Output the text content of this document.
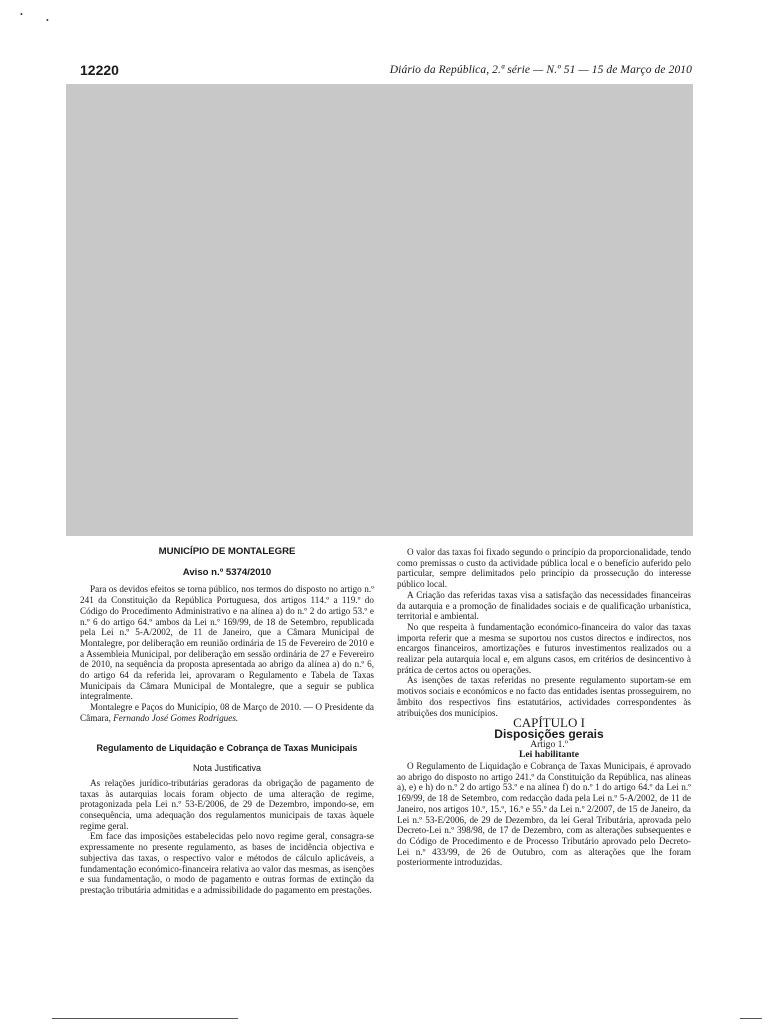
•
•
12220	Diário da República, 2.ª série — N.º 51 — 15 de Março de 2010

MUNICÍPIO DE MONTALEGRE

Aviso n.º 5374/2010

Para os devidos efeitos se torna público, nos termos do disposto no artigo n.º 241 da Constituição da República Portuguesa, dos artigos 114.º a 119.º do Código do Procedimento Administrativo e na alínea a) do n.º 2 do artigo 53.º e n.º 6 do artigo 64.º ambos da Lei n.º 169/99, de 18 de Setembro, republicada pela Lei n.º 5-A/2002, de 11 de Janeiro, que a Câmara Municipal de Montalegre, por deliberação em reunião ordinária de 15 de Fevereiro de 2010 e a Assembleia Municipal, por deliberação em sessão ordinária de 27 e Fevereiro de 2010, na sequência da proposta apresentada ao abrigo da alínea a) do n.º 6, do artigo 64 da referida lei, aprovaram o Regulamento e Tabela de Taxas Municipais da Câmara Municipal de Montalegre, que a seguir se publica integralmente.

Montalegre e Paços do Município, 08 de Março de 2010. — O Presidente da Câmara, Fernando José Gomes Rodrigues.

Regulamento de Liquidação e Cobrança de Taxas Municipais

Nota Justificativa

As relações jurídico-tributárias geradoras da obrigação de pagamento de taxas às autarquias locais foram objecto de uma alteração de regime, protagonizada pela Lei n.º 53-E/2006, de 29 de Dezembro, impondo-se, em consequência, uma adequação dos regulamentos municipais de taxas àquele regime geral.

Em face das imposições estabelecidas pelo novo regime geral, consagra-se expressamente no presente regulamento, as bases de incidência objectiva e subjectiva das taxas, o respectivo valor e métodos de cálculo aplicáveis, a fundamentação económico-financeira relativa ao valor das mesmas, as isenções e sua fundamentação, o modo de pagamento e outras formas de extinção da prestação tributária admitidas e a admissibilidade do pagamento em prestações.

O valor das taxas foi fixado segundo o princípio da proporcionalidade, tendo como premissas o custo da actividade pública local e o benefício auferido pelo particular, sempre delimitados pelo princípio da prossecução do interesse público local.

A Criação das referidas taxas visa a satisfação das necessidades financeiras da autarquia e a promoção de finalidades sociais e de qualificação urbanística, territorial e ambiental.

No que respeita à fundamentação económico-financeira do valor das taxas importa referir que a mesma se suportou nos custos directos e indirectos, nos encargos financeiros, amortizações e futuros investimentos realizados ou a realizar pela autarquia local e, em alguns casos, em critérios de desincentivo à prática de certos actos ou operações.

As isenções de taxas referidas no presente regulamento suportam-se em motivos sociais e económicos e no facto das entidades isentas prosseguirem, no âmbito dos respectivos fins estatutários, actividades correspondentes às atribuições dos municípios.

CAPÍTULO I

Disposições gerais

Artigo 1.º

Lei habilitante

O Regulamento de Liquidação e Cobrança de Taxas Municipais, é aprovado ao abrigo do disposto no artigo 241.º da Constituição da República, nas alíneas a), e) e h) do n.º 2 do artigo 53.º e na alínea f) do n.º 1 do artigo 64.º da Lei n.º 169/99, de 18 de Setembro, com redacção dada pela Lei n.º 5-A/2002, de 11 de Janeiro, nos artigos 10.º, 15.º, 16.º e 55.º da Lei n.º 2/2007, de 15 de Janeiro, da Lei n.º 53-E/2006, de 29 de Dezembro, da lei Geral Tributária, aprovada pelo Decreto-Lei n.º 398/98, de 17 de Dezembro, com as alterações subsequentes e do Código de Procedimento e de Processo Tributário aprovado pelo Decreto-Lei n.º 433/99, de 26 de Outubro, com as alterações que lhe foram posteriormente introduzidas.
